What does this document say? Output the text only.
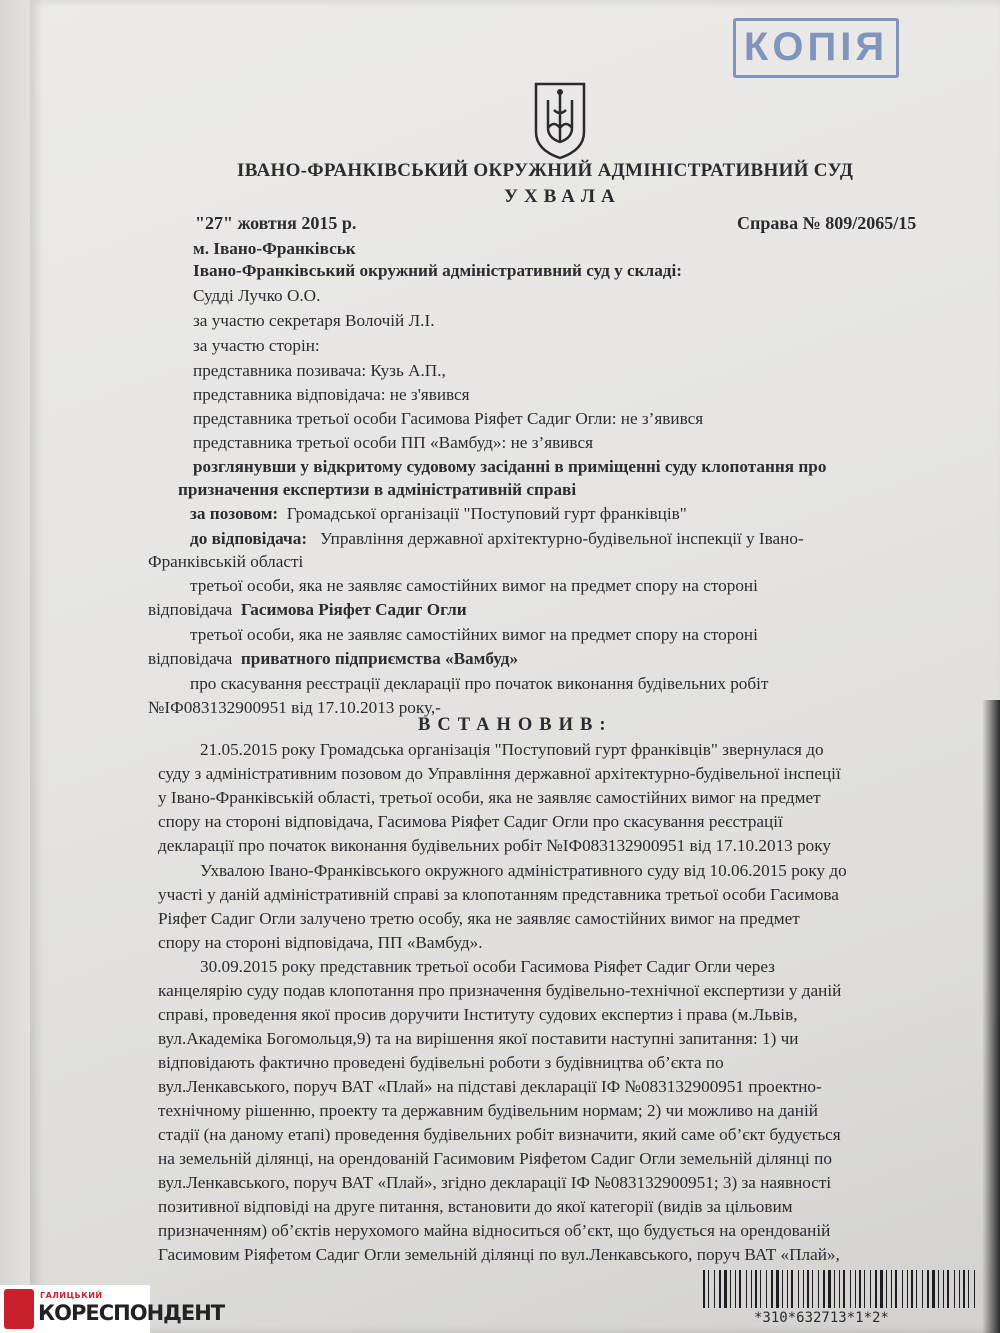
КОПІЯ
ІВАНО-ФРАНКІВСЬКИЙ ОКРУЖНИЙ АДМІНІСТРАТИВНИЙ СУД
УХВАЛА
"27" жовтня 2015 р.	Справа № 809/2065/15
м. Івано-Франківськ
Івано-Франківський окружний адміністративний суд у складі:
Судді Лучко О.О.
за участю секретаря Волочій Л.І.
за участю сторін:
представника позивача: Кузь А.П.,
представника відповідача: не з'явився
представника третьої особи Гасимова Ріяфет Садиг Огли: не з’явився
представника третьої особи ПП «Вамбуд»: не з’явився
розглянувши у відкритому судовому засіданні в приміщенні суду клопотання про
призначення експертизи в адміністративній справі
за позовом: Громадської організації "Поступовий гурт франківців"
до відповідача: Управління державної архітектурно-будівельної інспекції у Івано-
Франківській області
третьої особи, яка не заявляє самостійних вимог на предмет спору на стороні
відповідача Гасимова Ріяфет Садиг Огли
третьої особи, яка не заявляє самостійних вимог на предмет спору на стороні
відповідача приватного підприємства «Вамбуд»
про скасування реєстрації декларації про початок виконання будівельних робіт
№ІФ083132900951 від 17.10.2013 року,-
ВСТАНОВИВ:
21.05.2015 року Громадська організація "Поступовий гурт франківців" звернулася до
суду з адміністративним позовом до Управління державної архітектурно-будівельної інспеції
у Івано-Франківській області, третьої особи, яка не заявляє самостійних вимог на предмет
спору на стороні відповідача, Гасимова Ріяфет Садиг Огли про скасування реєстрації
декларації про початок виконання будівельних робіт №ІФ083132900951 від 17.10.2013 року
Ухвалою Івано-Франківського окружного адміністративного суду від 10.06.2015 року до
участі у даній адміністративній справі за клопотанням представника третьої особи Гасимова
Ріяфет Садиг Огли залучено третю особу, яка не заявляє самостійних вимог на предмет
спору на стороні відповідача, ПП «Вамбуд».
30.09.2015 року представник третьої особи Гасимова Ріяфет Садиг Огли через
канцелярію суду подав клопотання про призначення будівельно-технічної експертизи у даній
справі, проведення якої просив доручити Інституту судових експертиз і права (м.Львів,
вул.Академіка Богомольця,9) та на вирішення якої поставити наступні запитання: 1) чи
відповідають фактично проведені будівельні роботи з будівництва об’єкта по
вул.Ленкавського, поруч ВАТ «Плай» на підставі декларації ІФ №083132900951 проектно-
технічному рішенню, проекту та державним будівельним нормам; 2) чи можливо на даній
стадії (на даному етапі) проведення будівельних робіт визначити, який саме об’єкт будується
на земельній ділянці, на орендованій Гасимовим Ріяфетом Садиг Огли земельній ділянці по
вул.Ленкавського, поруч ВАТ «Плай», згідно декларації ІФ №083132900951; 3) за наявності
позитивної відповіді на друге питання, встановити до якої категорії (видів за цільовим
призначенням) об’єктів нерухомого майна відноситься об’єкт, що будується на орендованій
Гасимовим Ріяфетом Садиг Огли земельній ділянці по вул.Ленкавського, поруч ВАТ «Плай»,
*310*632713*1*2*
ГАЛИЦЬКИЙ
КОРЕСПОНДЕНТ
